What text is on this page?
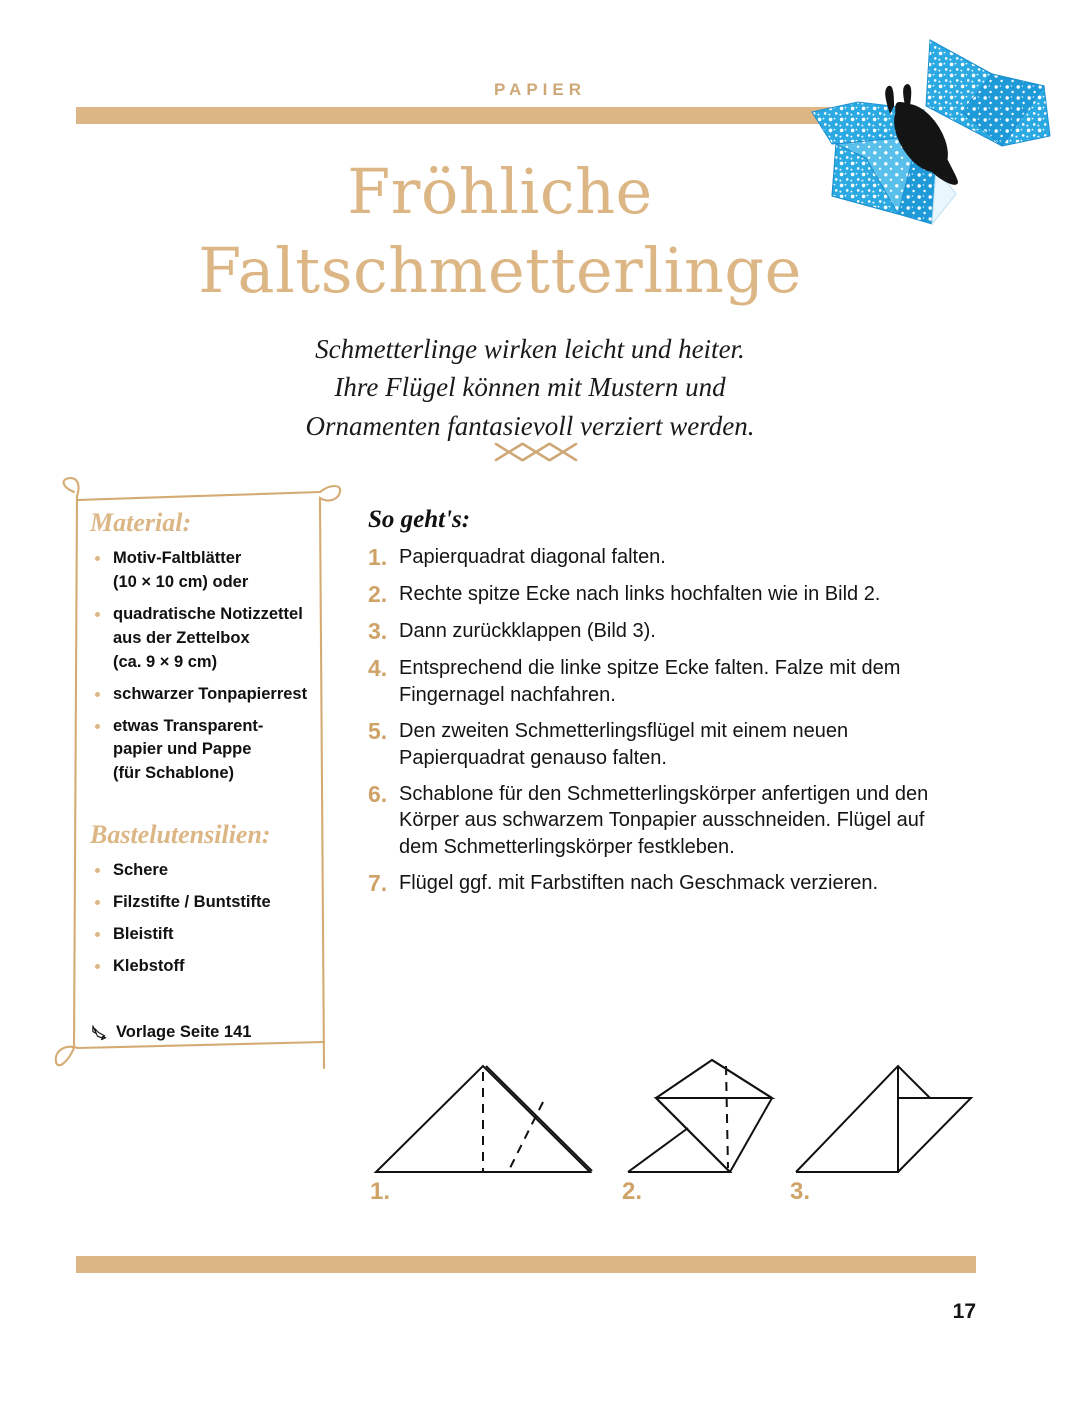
PAPIER
Fröhliche
Faltschmetterlinge
Schmetterlinge wirken leicht und heiter.
Ihre Flügel können mit Mustern und
Ornamenten fantasievoll verziert werden.
Material:
Motiv-Faltblätter
(10 × 10 cm) oder
quadratische Notizzettel
aus der Zettelbox
(ca. 9 × 9 cm)
schwarzer Tonpapierrest
etwas Transparent-
papier und Pappe
(für Schablone)
Bastelutensilien:
Schere
Filzstifte / Buntstifte
Bleistift
Klebstoff
Vorlage Seite 141
So geht's:
1. Papierquadrat diagonal falten.
2. Rechte spitze Ecke nach links hochfalten wie in Bild 2.
3. Dann zurückklappen (Bild 3).
4. Entsprechend die linke spitze Ecke falten. Falze mit dem Fingernagel nachfahren.
5. Den zweiten Schmetterlingsflügel mit einem neuen Papierquadrat genauso falten.
6. Schablone für den Schmetterlingskörper anfertigen und den Körper aus schwarzem Tonpapier ausschneiden. Flügel auf dem Schmetterlingskörper festkleben.
7. Flügel ggf. mit Farbstiften nach Geschmack verzieren.
1.	2.	3.
17
